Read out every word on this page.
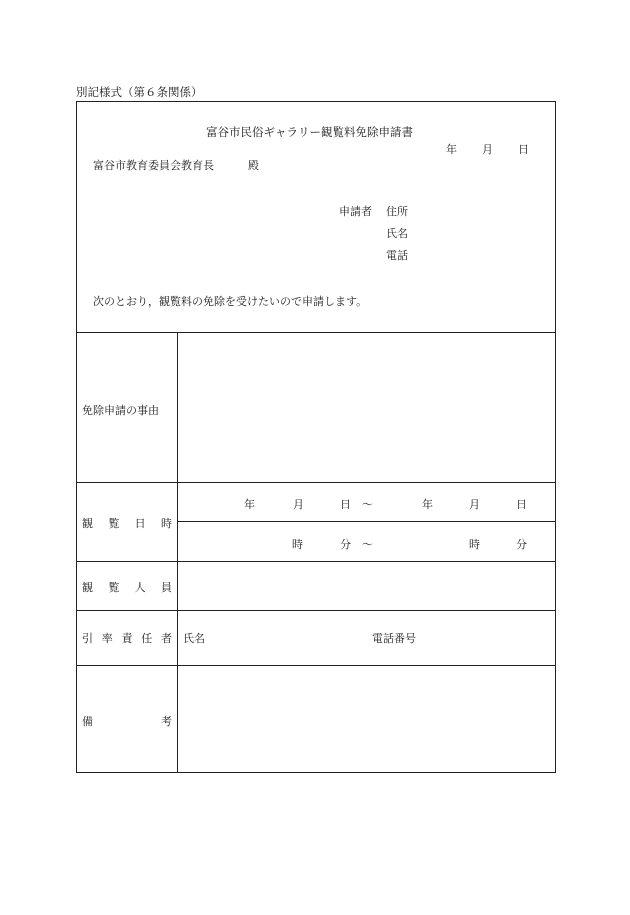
別記様式（第６条関係）
富谷市民俗ギャラリー観覧料免除申請書
年 月 日
富谷市教育委員会教育長	殿
申請者 住所
氏名
電話
次のとおり，観覧料の免除を受けたいので申請します。
免除申請の事由
観 覧 日 時
年	月	日 ～	年	月	日
時	分 ～	時	分
観 覧 人 員
引 率 責 任 者 氏名	電話番号
備	考
